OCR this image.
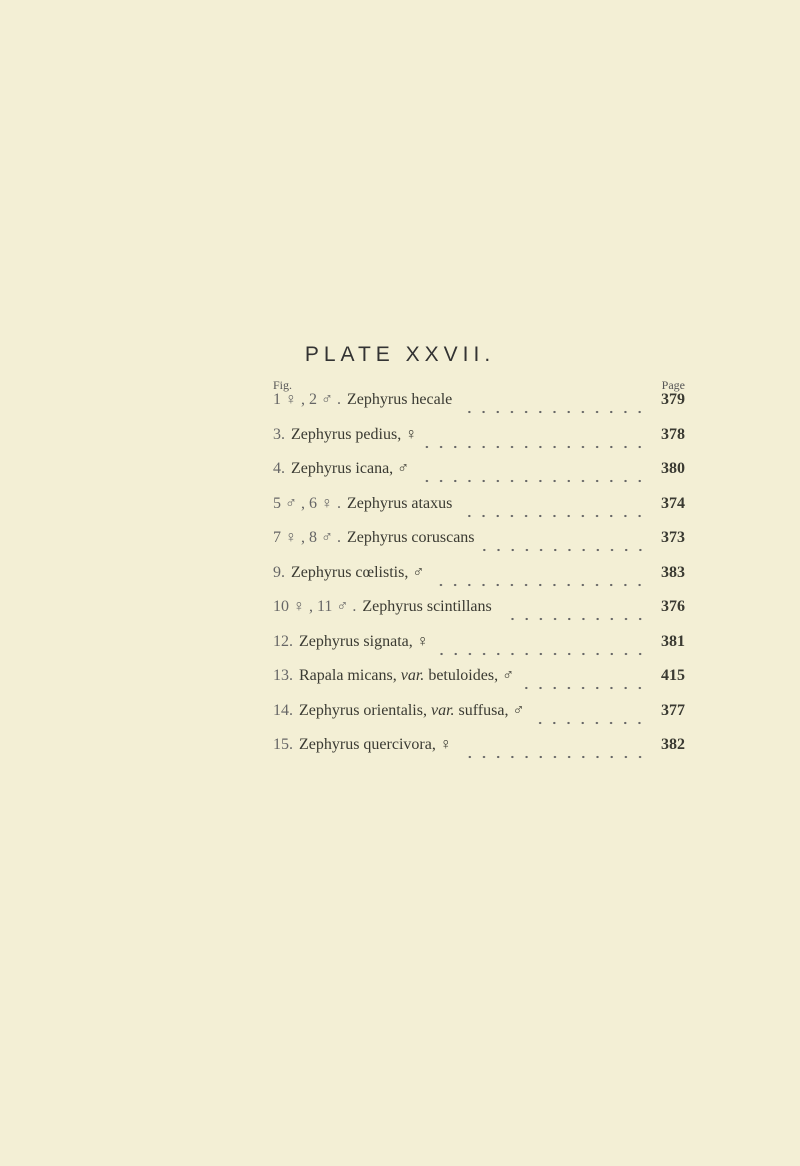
PLATE XXVII.
Fig.	Page
1 ♀ , 2 ♂ . Zephyrus hecale	379
3. Zephyrus pedius, ♀	378
4. Zephyrus icana, ♂	380
5 ♂ , 6 ♀ . Zephyrus ataxus	374
7 ♀ , 8 ♂ . Zephyrus coruscans	373
9. Zephyrus cœlistis, ♂	383
10 ♀ , 11 ♂ . Zephyrus scintillans	376
12. Zephyrus signata, ♀	381
13. Rapala micans, var. betuloides, ♂	415
14. Zephyrus orientalis, var. suffusa, ♂	377
15. Zephyrus quercivora, ♀	382
